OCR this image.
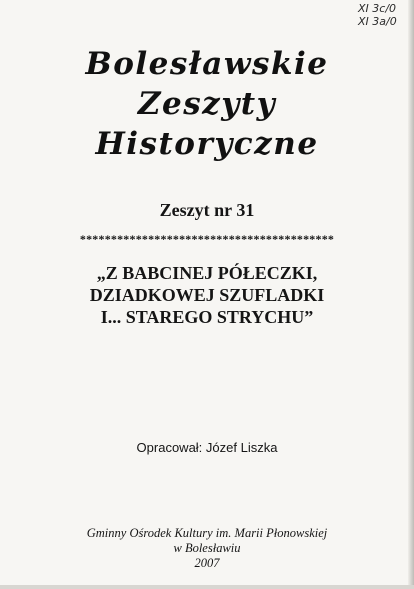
XI 3c/0
XI 3a/0
Bolesławskie
Zeszyty
Historyczne
Zeszyt nr 31
*****************************************
„Z BABCINEJ PÓŁECZKI,
DZIADKOWEJ SZUFLADKI
I... STAREGO STRYCHU”
Opracował: Józef Liszka
Gminny Ośrodek Kultury im. Marii Płonowskiej
w Bolesławiu
2007
